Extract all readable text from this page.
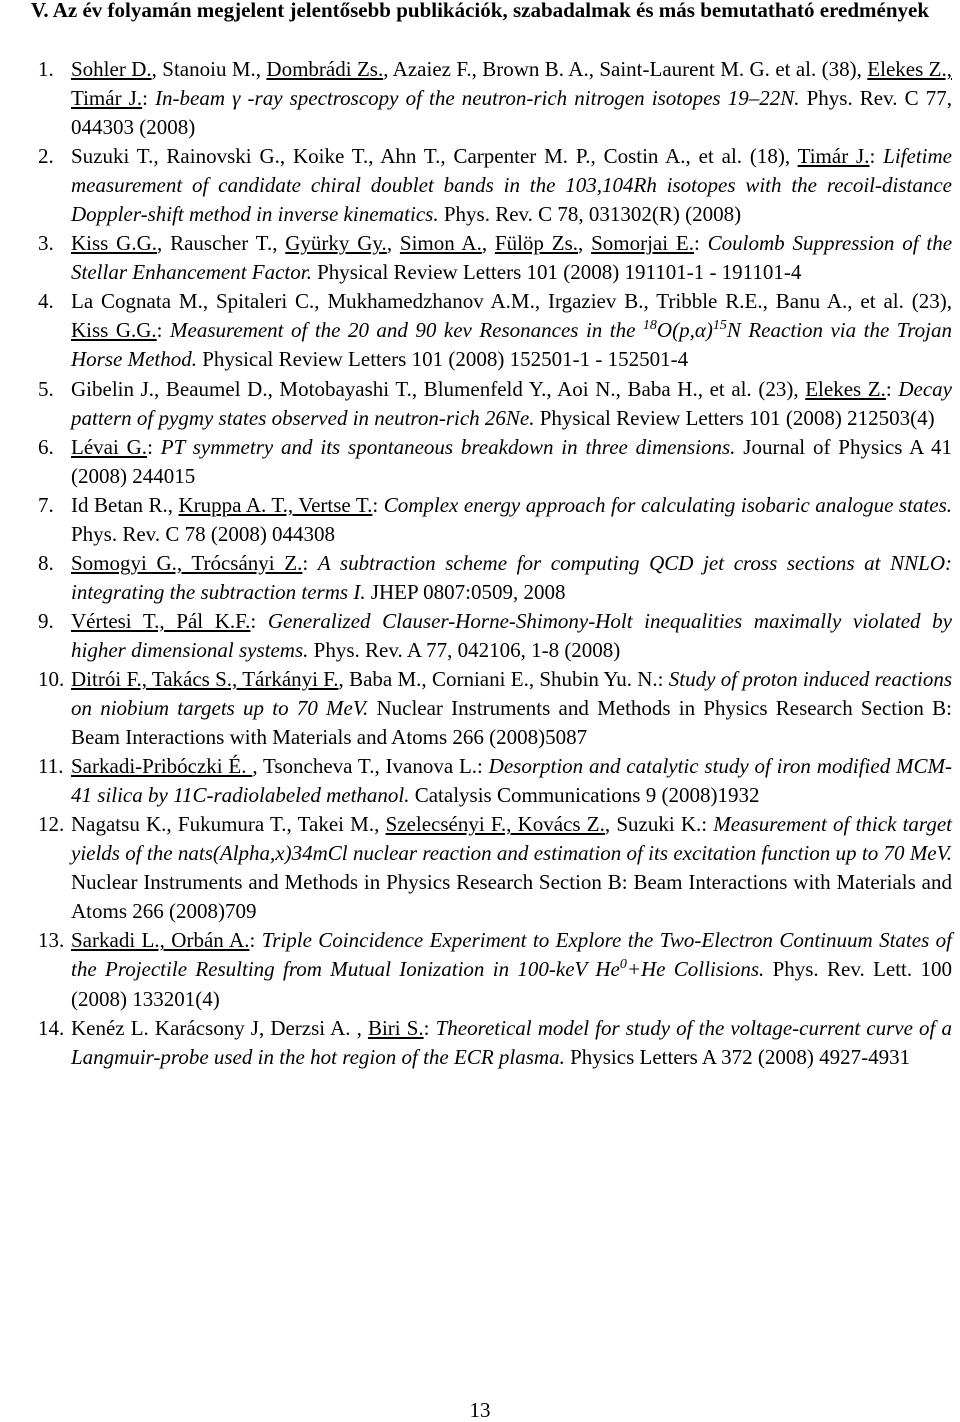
V. Az év folyamán megjelent jelentősebb publikációk, szabadalmak és más bemutatható eredmények
1. Sohler D., Stanoiu M., Dombrádi Zs., Azaiez F., Brown B. A., Saint-Laurent M. G. et al. (38), Elekes Z., Timár J.: In-beam γ -ray spectroscopy of the neutron-rich nitrogen isotopes 19–22N. Phys. Rev. C 77, 044303 (2008)
2. Suzuki T., Rainovski G., Koike T., Ahn T., Carpenter M. P., Costin A., et al. (18), Timár J.: Lifetime measurement of candidate chiral doublet bands in the 103,104Rh isotopes with the recoil-distance Doppler-shift method in inverse kinematics. Phys. Rev. C 78, 031302(R) (2008)
3. Kiss G.G., Rauscher T., Gyürky Gy., Simon A., Fülöp Zs., Somorjai E.: Coulomb Suppression of the Stellar Enhancement Factor. Physical Review Letters 101 (2008) 191101-1 - 191101-4
4. La Cognata M., Spitaleri C., Mukhamedzhanov A.M., Irgaziev B., Tribble R.E., Banu A., et al. (23), Kiss G.G.: Measurement of the 20 and 90 kev Resonances in the $^{18}O(p,\alpha)^{15}N$ Reaction via the Trojan Horse Method. Physical Review Letters 101 (2008) 152501-1 - 152501-4
5. Gibelin J., Beaumel D., Motobayashi T., Blumenfeld Y., Aoi N., Baba H., et al. (23), Elekes Z.: Decay pattern of pygmy states observed in neutron-rich 26Ne. Physical Review Letters 101 (2008) 212503(4)
6. Lévai G.: PT symmetry and its spontaneous breakdown in three dimensions. Journal of Physics A 41 (2008) 244015
7. Id Betan R., Kruppa A. T., Vertse T.: Complex energy approach for calculating isobaric analogue states. Phys. Rev. C 78 (2008) 044308
8. Somogyi G., Trócsányi Z.: A subtraction scheme for computing QCD jet cross sections at NNLO: integrating the subtraction terms I. JHEP 0807:0509, 2008
9. Vértesi T., Pál K.F.: Generalized Clauser-Horne-Shimony-Holt inequalities maximally violated by higher dimensional systems. Phys. Rev. A 77, 042106, 1-8 (2008)
10. Ditrói F., Takács S., Tárkányi F., Baba M., Corniani E., Shubin Yu. N.: Study of proton induced reactions on niobium targets up to 70 MeV. Nuclear Instruments and Methods in Physics Research Section B: Beam Interactions with Materials and Atoms 266 (2008)5087
11. Sarkadi-Pribóczki É. , Tsoncheva T., Ivanova L.: Desorption and catalytic study of iron modified MCM-41 silica by 11C-radiolabeled methanol. Catalysis Communications 9 (2008)1932
12. Nagatsu K., Fukumura T., Takei M., Szelecsényi F., Kovács Z., Suzuki K.: Measurement of thick target yields of the nats(Alpha,x)34mCl nuclear reaction and estimation of its excitation function up to 70 MeV. Nuclear Instruments and Methods in Physics Research Section B: Beam Interactions with Materials and Atoms 266 (2008)709
13. Sarkadi L., Orbán A.: Triple Coincidence Experiment to Explore the Two-Electron Continuum States of the Projectile Resulting from Mutual Ionization in 100-keV $He^0+He$ Collisions. Phys. Rev. Lett. 100 (2008) 133201(4)
14. Kenéz L. Karácsony J, Derzsi A. , Biri S.: Theoretical model for study of the voltage-current curve of a Langmuir-probe used in the hot region of the ECR plasma. Physics Letters A 372 (2008) 4927-4931
13
